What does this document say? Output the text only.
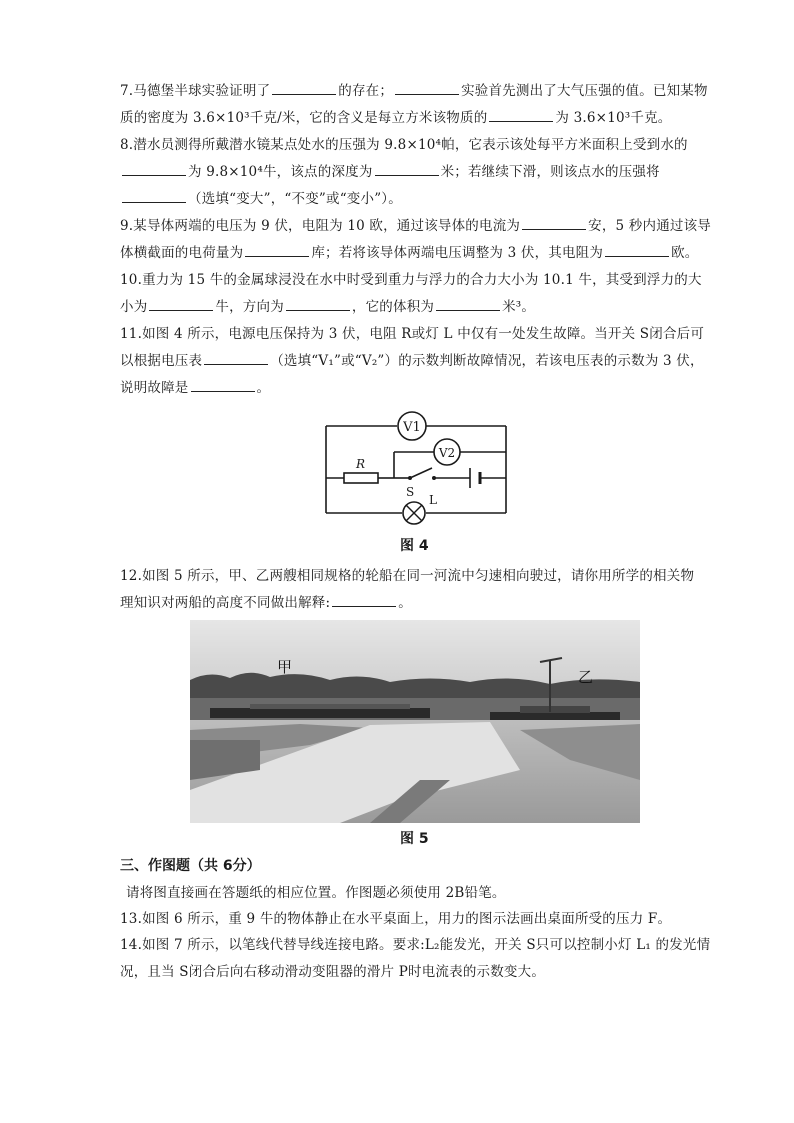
7.马德堡半球实验证明了	的存在；	实验首先测出了大气压强的值。已知某物
质的密度为 3.6×10³千克/米，它的含义是每立方米该物质的	为 3.6×10³千克。
8.潜水员测得所戴潜水镜某点处水的压强为 9.8×10⁴帕，它表示该处每平方米面积上受到水的
为 9.8×10⁴牛，该点的深度为	米；若继续下滑，则该点水的压强将
（选填“变大”，“不变”或“变小”）。
9.某导体两端的电压为 9 伏，电阻为 10 欧，通过该导体的电流为	安，5 秒内通过该导
体横截面的电荷量为	库；若将该导体两端电压调整为 3 伏，其电阻为	欧。
10.重力为 15 牛的金属球浸没在水中时受到重力与浮力的合力大小为 10.1 牛，其受到浮力的大
小为	牛，方向为	，它的体积为	米³。
11.如图 4 所示，电源电压保持为 3 伏，电阻 R或灯 L 中仅有一处发生故障。当开关 S闭合后可
以根据电压表	（选填“V₁”或“V₂”）的示数判断故障情况，若该电压表的示数为 3 伏，
说明故障是	。
V1
V2
R
S
L
图 4
12.如图 5 所示，甲、乙两艘相同规格的轮船在同一河流中匀速相向驶过，请你用所学的相关物
理知识对两船的高度不同做出解释:	。
甲
乙
图 5
三、作图题（共 6分）
请将图直接画在答题纸的相应位置。作图题必须使用 2B铅笔。
13.如图 6 所示，重 9 牛的物体静止在水平桌面上，用力的图示法画出桌面所受的压力 F。
14.如图 7 所示，以笔线代替导线连接电路。要求:L₂能发光，开关 S只可以控制小灯 L₁ 的发光情
况，且当 S闭合后向右移动滑动变阻器的滑片 P时电流表的示数变大。
